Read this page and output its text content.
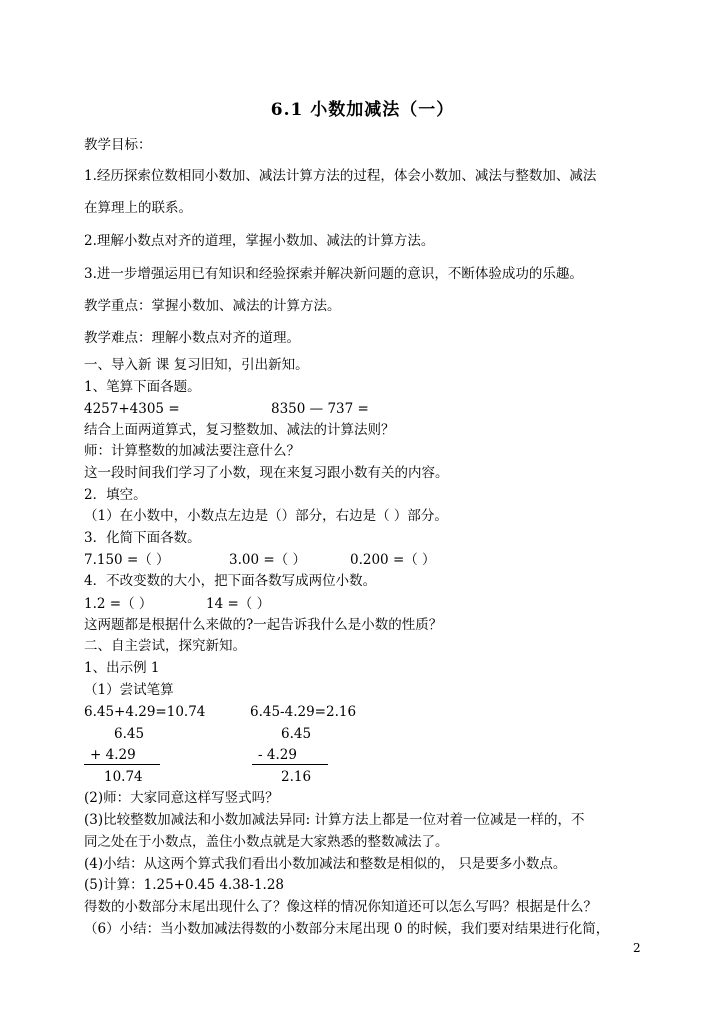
6.1 小数加减法（一）
教学目标：
1.经历探索位数相同小数加、减法计算方法的过程，体会小数加、减法与整数加、减法
在算理上的联系。
2.理解小数点对齐的道理，掌握小数加、减法的计算方法。
3.进一步增强运用已有知识和经验探索并解决新问题的意识，不断体验成功的乐趣。
教学重点：掌握小数加、减法的计算方法。
教学难点：理解小数点对齐的道理。
一、导入新 课 复习旧知，引出新知。
1、笔算下面各题。
4257+4305 =	8350 — 737 =
结合上面两道算式，复习整数加、减法的计算法则？
师：计算整数的加减法要注意什么？
这一段时间我们学习了小数，现在来复习跟小数有关的内容。
2．填空。
（1）在小数中，小数点左边是（）部分，右边是（ ）部分。
3．化简下面各数。
7.150 =（ ）	3.00 =（ ）	0.200 =（ ）
4．不改变数的大小，把下面各数写成两位小数。
1.2 =（ ）	14 =（ ）
这两题都是根据什么来做的?一起告诉我什么是小数的性质？
二、自主尝试，探究新知。
1、出示例 1
（1）尝试笔算
6.45+4.29=10.74	6.45-4.29=2.16
6.45
+ 4.29
10.74
6.45
- 4.29
2.16
(2)师：大家同意这样写竖式吗？
(3)比较整数加减法和小数加减法异同: 计算方法上都是一位对着一位减是一样的，不
同之处在于小数点，盖住小数点就是大家熟悉的整数减法了。
(4)小结：从这两个算式我们看出小数加减法和整数是相似的， 只是要多小数点。
(5)计算：1.25+0.45 4.38-1.28
得数的小数部分末尾出现什么了？像这样的情况你知道还可以怎么写吗？根据是什么？
（6）小结：当小数加减法得数的小数部分末尾出现 0 的时候，我们要对结果进行化简，
2
